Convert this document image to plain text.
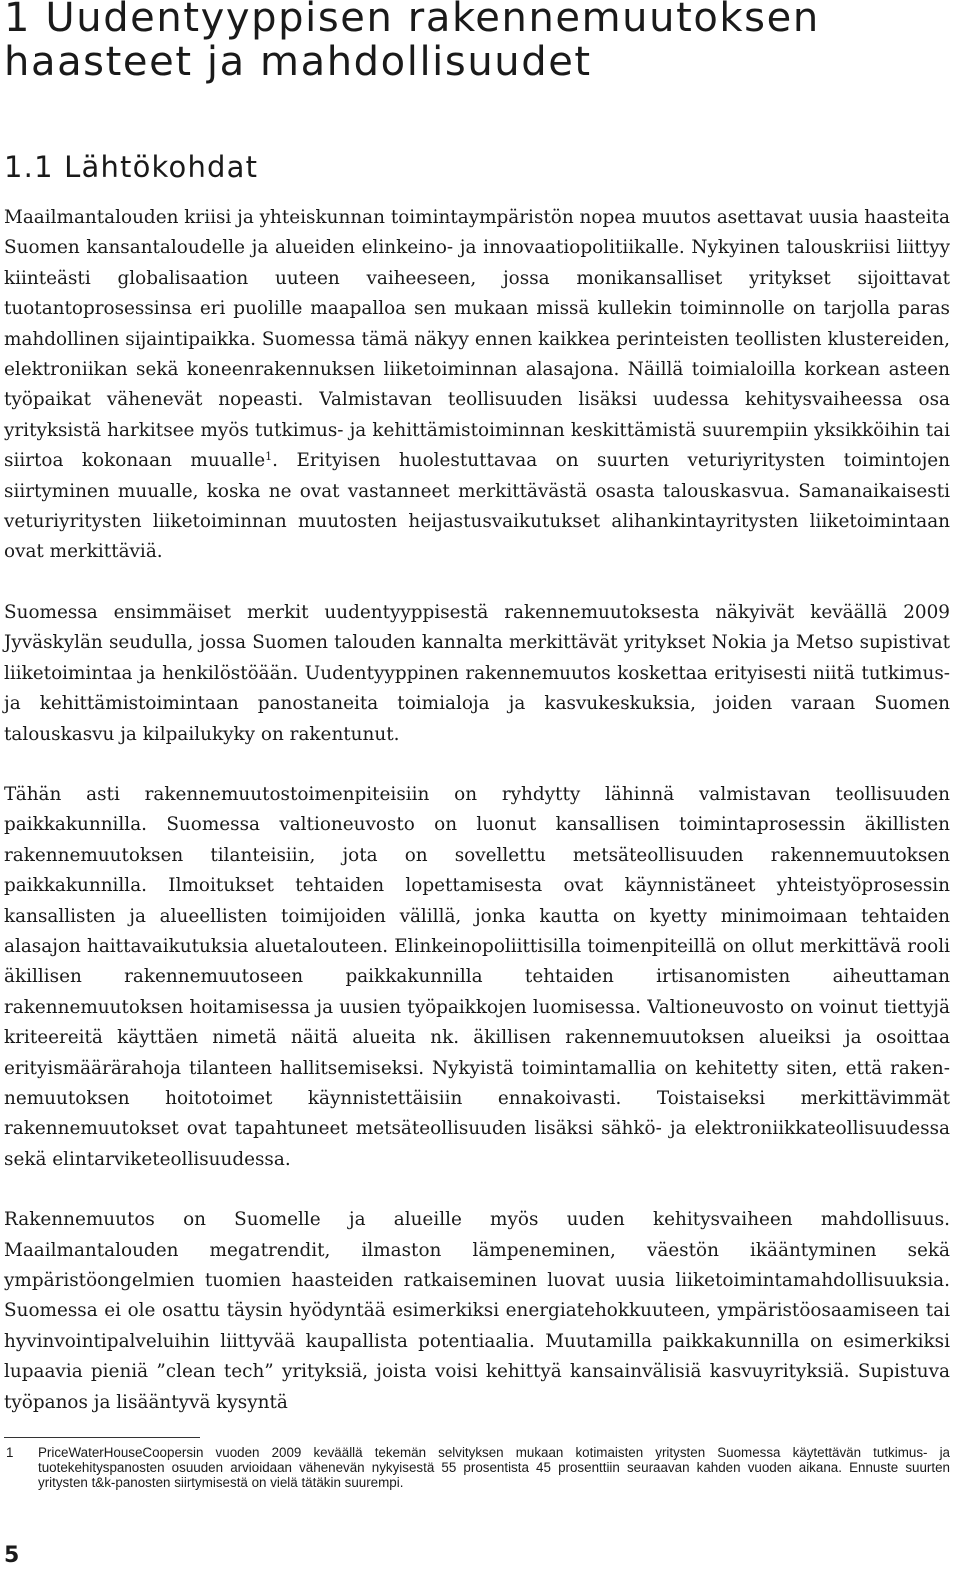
1 Uudentyyppisen rakennemuutoksen haasteet ja mahdollisuudet
1.1 Lähtökohdat

Maailmantalouden kriisi ja yhteiskunnan toimintaympäristön nopea muutos asettavat uusia haasteita Suomen kansantaloudelle ja alueiden elinkeino- ja innovaatiopolitiikalle. Nykyinen talouskriisi liittyy kiinteästi globalisaation uuteen vaiheeseen, jossa monikansalliset yritykset sijoittavat tuotantoprosessinsa eri puolille maapalloa sen mukaan missä kullekin toiminnolle on tarjolla paras mahdollinen sijaintipaikka. Suomessa tämä näkyy ennen kaikkea perinteisten teollisten klustereiden, elektroniikan sekä koneenrakennuksen liiketoiminnan alasajona. Näillä toimialoilla korkean asteen työpaikat vähenevät nopeasti. Valmistavan teollisuuden lisäksi uudessa kehitysvaiheessa osa yrityksistä harkitsee myös tutkimus- ja kehittämistoiminnan keskittämistä suurempiin yksikköihin tai siirtoa kokonaan muualle$^1$. Erityisen huolestuttavaa on suurten veturiyritysten toimintojen siirtyminen muualle, koska ne ovat vastanneet merkittävästä osasta talouskasvua. Samanaikaisesti veturiyritysten liiketoiminnan muutosten heijastusvaikutukset alihankintayritysten liiketoimintaan ovat merkittäviä.

Suomessa ensimmäiset merkit uudentyyppisestä rakennemuutoksesta näkyivät keväällä 2009 Jyväskylän seudulla, jossa Suomen talouden kannalta merkittävät yritykset Nokia ja Metso supistivat liiketoimintaa ja henkilöstöään. Uudentyyppinen rakennemuutos koskettaa erityisesti niitä tutkimus- ja kehittämistoimintaan panostaneita toimialoja ja kasvukeskuksia, joiden varaan Suomen talouskasvu ja kilpailukyky on rakentunut.

Tähän asti rakennemuutostoimenpiteisiin on ryhdytty lähinnä valmistavan teollisuuden paikkakunnilla. Suomessa valtioneuvosto on luonut kansallisen toimintaprosessin äkillisten rakennemuutoksen tilanteisiin, jota on sovellettu metsäteollisuuden rakennemuutoksen paikkakunnilla. Ilmoitukset tehtaiden lopettamisesta ovat käynnistäneet yhteistyöprosessin kansallisten ja alueellisten toimijoiden välillä, jonka kautta on kyetty minimoimaan tehtaiden alasajon haittavaikutuksia aluetalouteen. Elinkeinopoliittisilla toimenpiteillä on ollut merkittävä rooli äkillisen rakennemuutoseen paikkakunnilla tehtaiden irtisanomisten aiheuttaman rakennemuutoksen hoitamisessa ja uusien työpaikkojen luomisessa. Valtioneuvosto on voinut tiettyjä kriteereitä käyttäen nimetä näitä alueita nk. äkillisen rakennemuutoksen alueiksi ja osoittaa erityismäärärahoja tilanteen hallitsemiseksi. Nykyistä toimintamallia on kehitetty siten, että rakennemuutoksen hoitotoimet käynnistettäisiin ennakoivasti. Toistaiseksi merkittävimmät rakennemuutokset ovat tapahtuneet metsäteollisuuden lisäksi sähkö- ja elektroniikkateollisuudessa sekä elintarviketeollisuudessa.

Rakennemuutos on Suomelle ja alueille myös uuden kehitysvaiheen mahdollisuus. Maailmantalouden megatrendit, ilmaston lämpeneminen, väestön ikääntyminen sekä ympäristöongelmien tuomien haasteiden ratkaiseminen luovat uusia liiketoimintamahdollisuuksia. Suomessa ei ole osattu täysin hyödyntää esimerkiksi energiatehokkuuteen, ympäristöosaamiseen tai hyvinvointipalveluihin liittyvää kaupallista potentiaalia. Muutamilla paikkakunnilla on esimerkiksi lupaavia pieniä ”clean tech” yrityksiä, joista voisi kehittyä kansainvälisiä kasvuyrityksiä. Supistuva työpanos ja lisääntyvä kysyntä

1 PriceWaterHouseCoopersin vuoden 2009 keväällä tekemän selvityksen mukaan kotimaisten yritysten Suomessa käytettävän tutkimus- ja tuotekehityspanosten osuuden arvioidaan vähenevän nykyisestä 55 prosentista 45 prosenttiin seuraavan kahden vuoden aikana. Ennuste suurten yritysten t&k-panosten siirtymisestä on vielä tätäkin suurempi.
5
